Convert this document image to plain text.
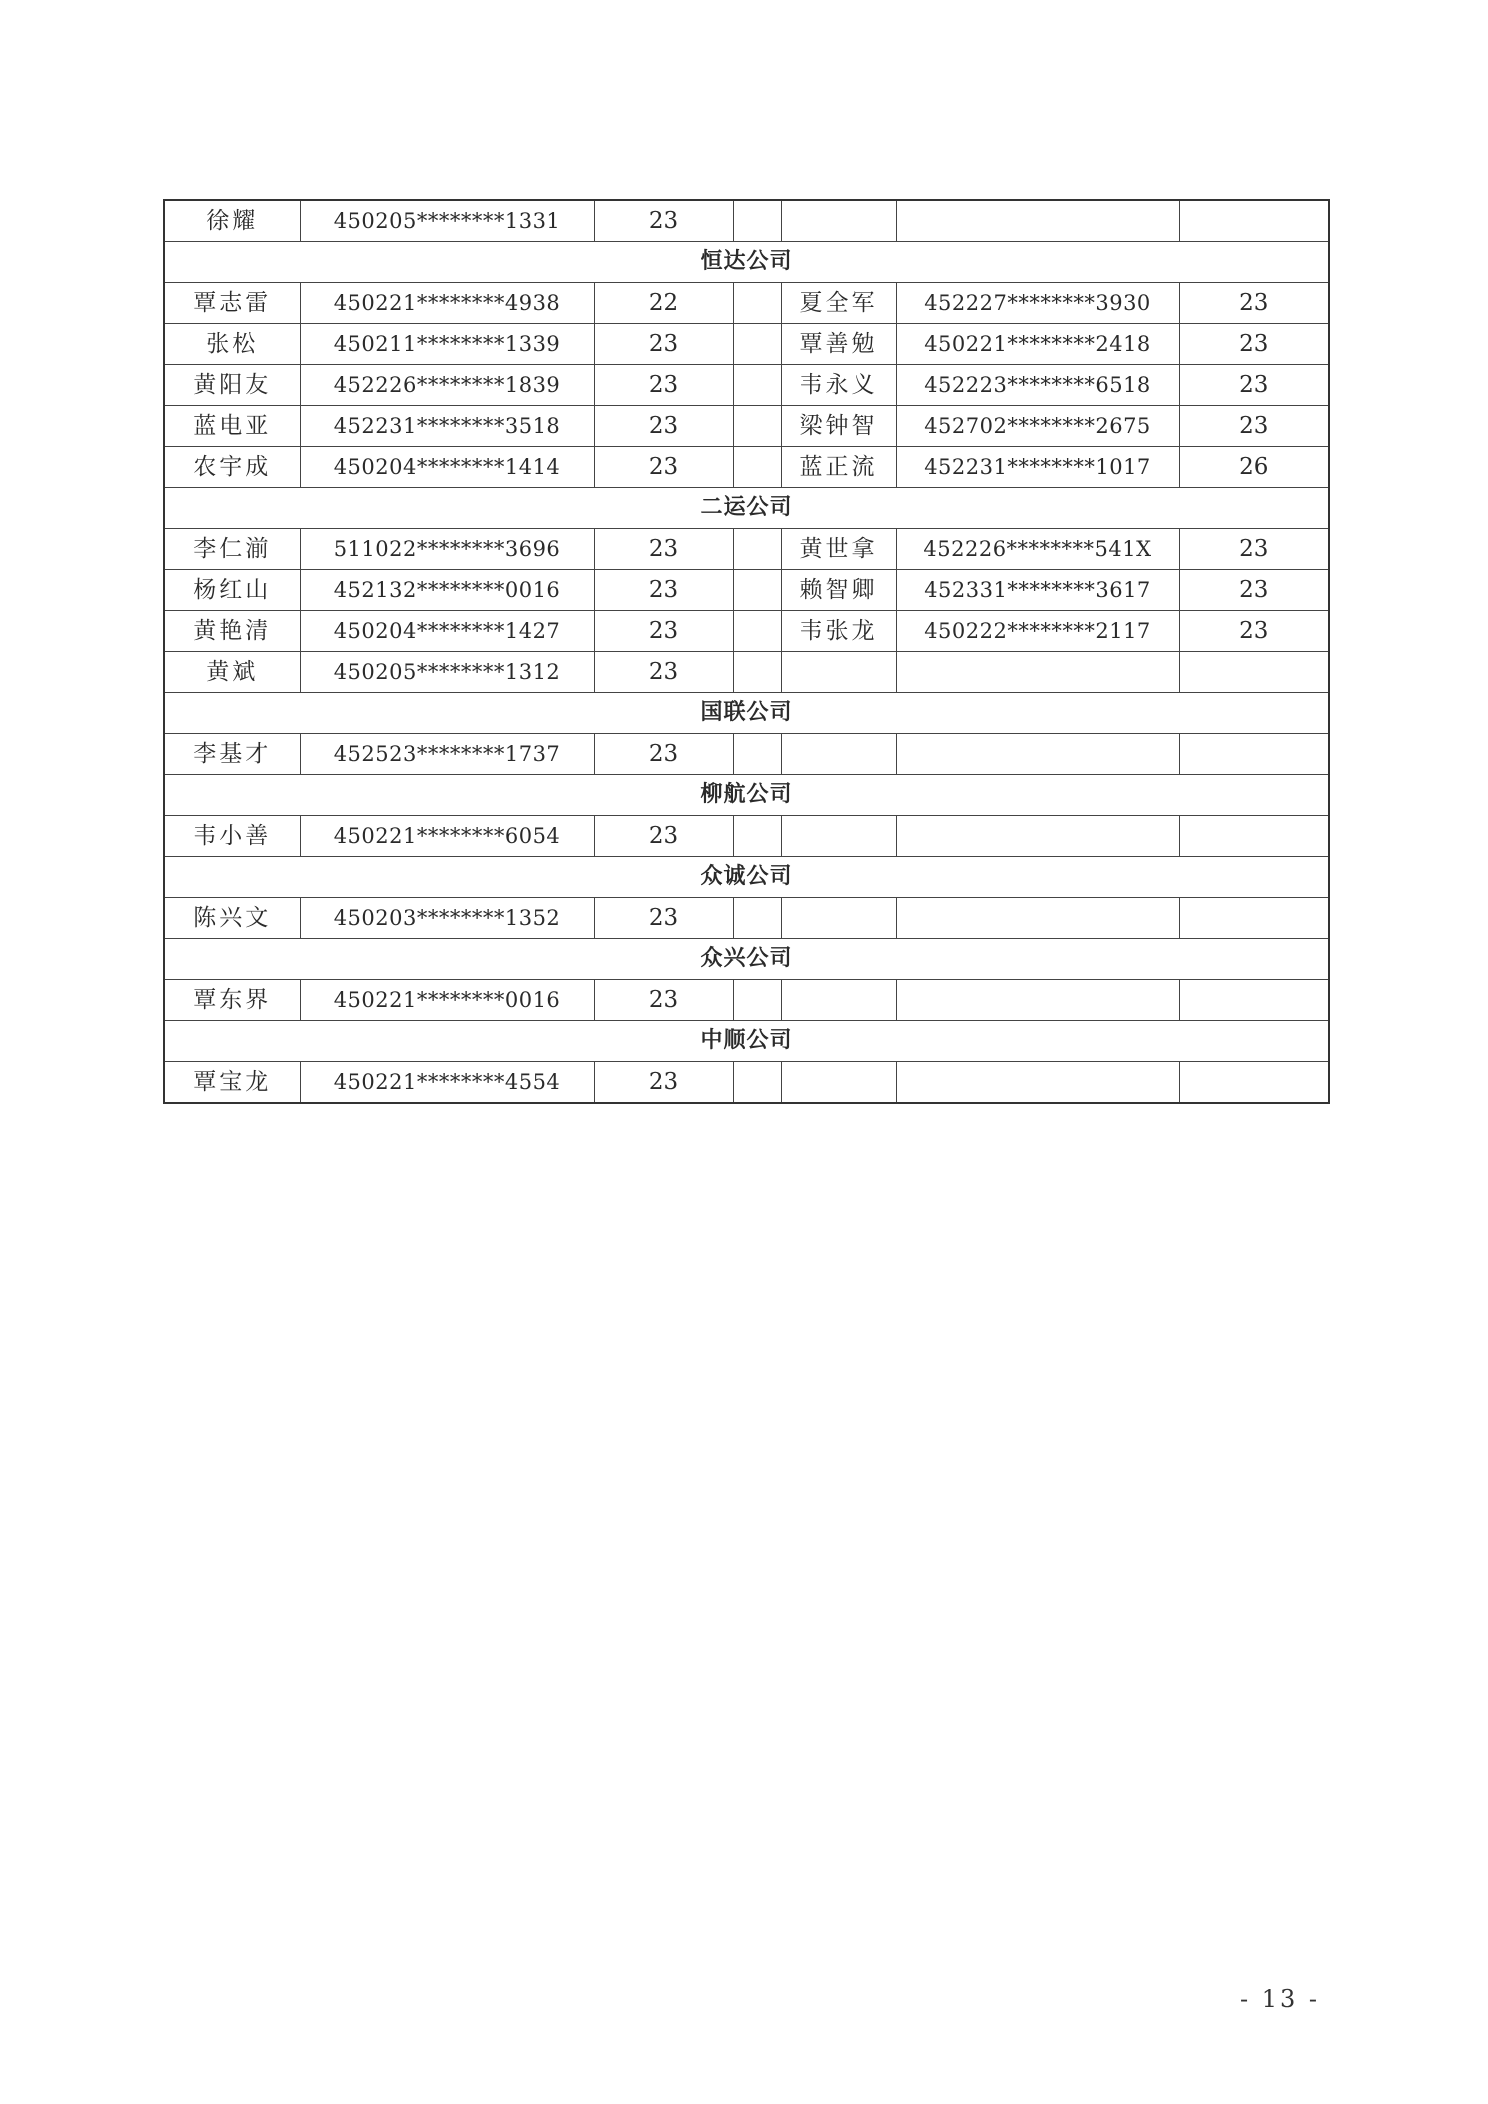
徐耀	450205********1331	23				
恒达公司						
覃志雷	450221********4938	22		夏全军	452227********3930	23
张松	450211********1339	23		覃善勉	450221********2418	23
黄阳友	452226********1839	23		韦永义	452223********6518	23
蓝电亚	452231********3518	23		梁钟智	452702********2675	23
农宇成	450204********1414	23		蓝正流	452231********1017	26
二运公司						
李仁湔	511022********3696	23		黄世拿	452226********541X	23
杨红山	452132********0016	23		赖智卿	452331********3617	23
黄艳清	450204********1427	23		韦张龙	450222********2117	23
黄斌	450205********1312	23				
国联公司						
李基才	452523********1737	23				
柳航公司						
韦小善	450221********6054	23				
众诚公司						
陈兴文	450203********1352	23				
众兴公司						
覃东界	450221********0016	23				
中顺公司						
覃宝龙	450221********4554	23				
- 13 -
